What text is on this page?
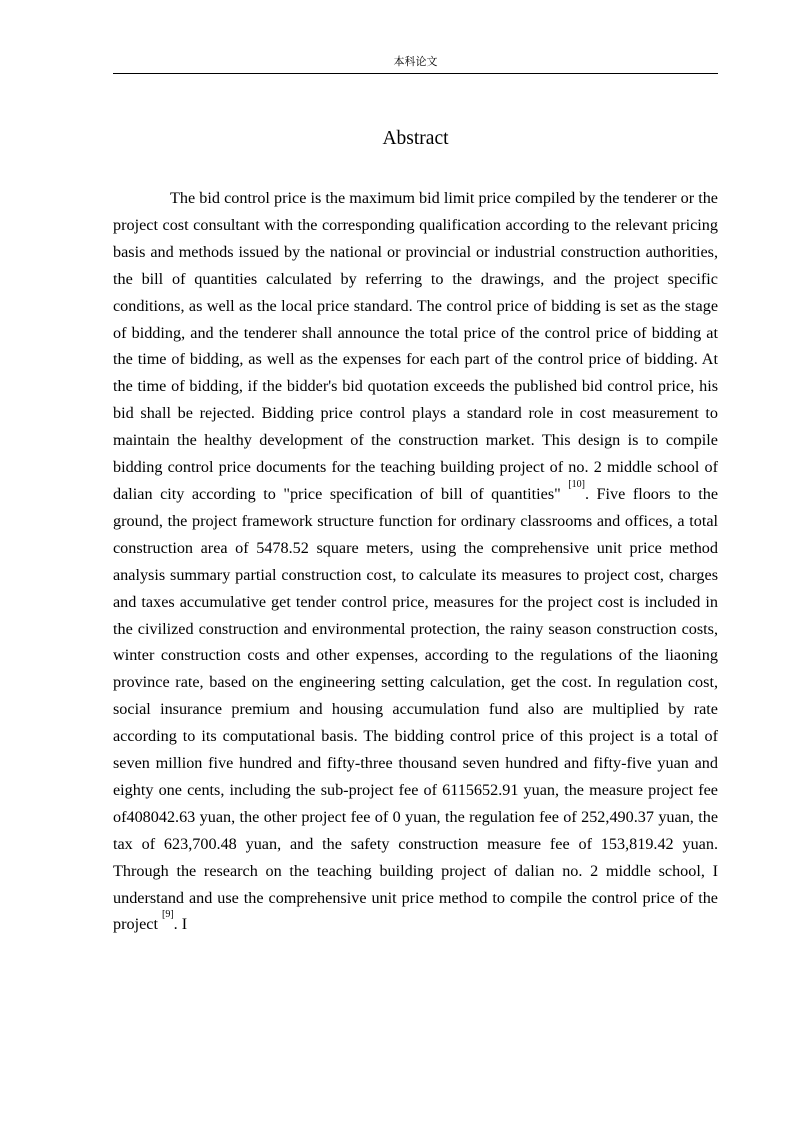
本科论文
Abstract

The bid control price is the maximum bid limit price compiled by the tenderer or the project cost consultant with the corresponding qualification according to the relevant pricing basis and methods issued by the national or provincial or industrial construction authorities, the bill of quantities calculated by referring to the drawings, and the project specific conditions, as well as the local price standard. The control price of bidding is set as the stage of bidding, and the tenderer shall announce the total price of the control price of bidding at the time of bidding, as well as the expenses for each part of the control price of bidding. At the time of bidding, if the bidder's bid quotation exceeds the published bid control price, his bid shall be rejected. Bidding price control plays a standard role in cost measurement to maintain the healthy development of the construction market. This design is to compile bidding control price documents for the teaching building project of no. 2 middle school of dalian city according to "price specification of bill of quantities" [10]. Five floors to the ground, the project framework structure function for ordinary classrooms and offices, a total construction area of 5478.52 square meters, using the comprehensive unit price method analysis summary partial construction cost, to calculate its measures to project cost, charges and taxes accumulative get tender control price, measures for the project cost is included in the civilized construction and environmental protection, the rainy season construction costs, winter construction costs and other expenses, according to the regulations of the liaoning province rate, based on the engineering setting calculation, get the cost. In regulation cost, social insurance premium and housing accumulation fund also are multiplied by rate according to its computational basis. The bidding control price of this project is a total of seven million five hundred and fifty-three thousand seven hundred and fifty-five yuan and eighty one cents, including the sub-project fee of 6115652.91 yuan, the measure project fee of408042.63 yuan, the other project fee of 0 yuan, the regulation fee of 252,490.37 yuan, the tax of 623,700.48 yuan, and the safety construction measure fee of 153,819.42 yuan. Through the research on the teaching building project of dalian no. 2 middle school, I understand and use the comprehensive unit price method to compile the control price of the project [9]. I
